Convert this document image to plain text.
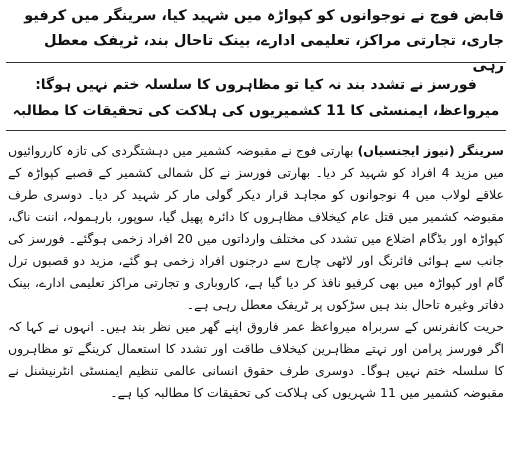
قابض فوج نے نوجوانوں کو کپواڑہ میں شہید کیا، سرینگر میں کرفیو جاری، تجارتی مراکز، تعلیمی ادارے، بینک تاحال بند، ٹریفک معطل رہی
فورسز نے تشدد بند نہ کیا تو مظاہروں کا سلسلہ ختم نہیں ہوگا: میرواعظ، ایمنسٹی کا 11 کشمیریوں کی ہلاکت کی تحقیقات کا مطالبہ

سرینگر (نیوز ایجنسیاں) بھارتی فوج نے مقبوضہ کشمیر میں دہشتگردی کی تازہ کارروائیوں میں مزید 4 افراد کو شہید کر دیا۔ بھارتی فورسز نے کل شمالی کشمیر کے قصبے کپواڑہ کے علاقے لولاب میں 4 نوجوانوں کو مجاہد قرار دیکر گولی مار کر شہید کر دیا۔ دوسری طرف مقبوضہ کشمیر میں قتل عام کیخلاف مظاہروں کا دائرہ پھیل گیا، سوپور، بارہمولہ، اننت ناگ، کپواڑہ اور بڈگام اضلاع میں تشدد کی مختلف وارداتوں میں 20 افراد زخمی ہوگئے۔ فورسز کی جانب سے ہوائی فائرنگ اور لاٹھی چارج سے درجنوں افراد زخمی ہو گئے، مزید دو قصبوں ترل گام اور کپواڑہ میں بھی کرفیو نافذ کر دیا گیا ہے، کاروباری و تجارتی مراکز تعلیمی ادارے، بینک دفاتر وغیرہ تاحال بند ہیں سڑکوں پر ٹریفک معطل رہی ہے۔

حریت کانفرنس کے سربراہ میرواعظ عمر فاروق اپنے گھر میں نظر بند ہیں۔ انہوں نے کہا کہ اگر فورسز پرامن اور نہتے مظاہرین کیخلاف طاقت اور تشدد کا استعمال کرینگے تو مظاہروں کا سلسلہ ختم نہیں ہوگا۔ دوسری طرف حقوق انسانی عالمی تنظیم ایمنسٹی انٹرنیشنل نے مقبوضہ کشمیر میں 11 شہریوں کی ہلاکت کی تحقیقات کا مطالبہ کیا ہے۔
